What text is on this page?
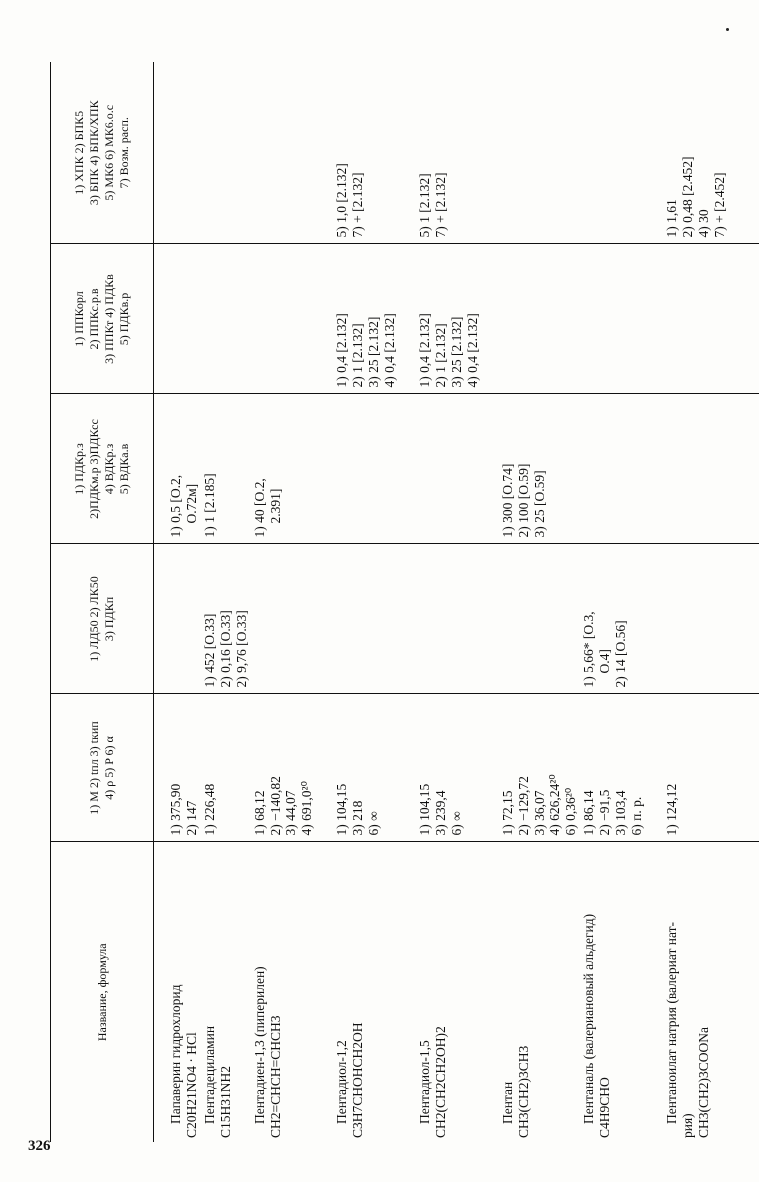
326
Название, формула	1) M 2) tпл 3) tкип 4) ρ 5) P 6) α	1) ЛД50 2) ЛК50 3) ПДКп	1) ПДКр.з 2)ПДКм.р 3)ПДКсс 4) ВДКр.з 5) ВДКа.в	1) ППКорл 2) ППКс.р.в 3) ППКт 4) ПДКв 5) ПДКв.р	1) ХПК 2) БПК5 3) БПК 4) БПК/ХПК 5) МК6 6) МК6.о.с 7) Возм. расп.

Папаверин гидрохлорид C20H21NO4 · HCl	1) 375,90 2) 147		1) 0,5 [O.2, O.72м]		

Пентадециламин C15H31NH2	1) 226,48	1) 452 [O.33] 2) 0,16 [O.33] 2) 9,76 [O.33]	1) 1 [2.185]		

Пентадиен-1,3 (пиперилен) CH2=CHCH=CHCH3	1) 68,12 2) −140,82 3) 44,07 4) 691,0²⁰		1) 40 [O.2, 2.391]		

Пентадиол-1,2 C3H7CHOHCH2OH	1) 104,15 3) 218 6) ∞			1) 0,4 [2.132] 2) 1 [2.132] 3) 25 [2.132] 4) 0,4 [2.132]	5) 1,0 [2.132] 7) + [2.132]

Пентадиол-1,5 CH2(CH2CH2OH)2	1) 104,15 3) 239,4 6) ∞			1) 0,4 [2.132] 2) 1 [2.132] 3) 25 [2.132] 4) 0,4 [2.132]	5) 1 [2.132] 7) + [2.132]

Пентан CH3(CH2)3CH3	1) 72,15 2) −129,72 3) 36,07 4) 626,24²⁰ 6) 0,36²⁰		1) 300 [O.74] 2) 100 [O.59] 3) 25 [O.59]		

Пентаналь (валериановый альдегид) C4H9CHO	1) 86,14 2) −91,5 3) 103,4 6) п. р.	1) 5,66* [O.3, O.4] 2) 14 [O.56]			

Пентаноилат натрия (валериат нат-
рия) CH3(CH2)3COONa	1) 124,12				1) 1,61 2) 0,48 [2.452] 4) 30 7) + [2.452]
